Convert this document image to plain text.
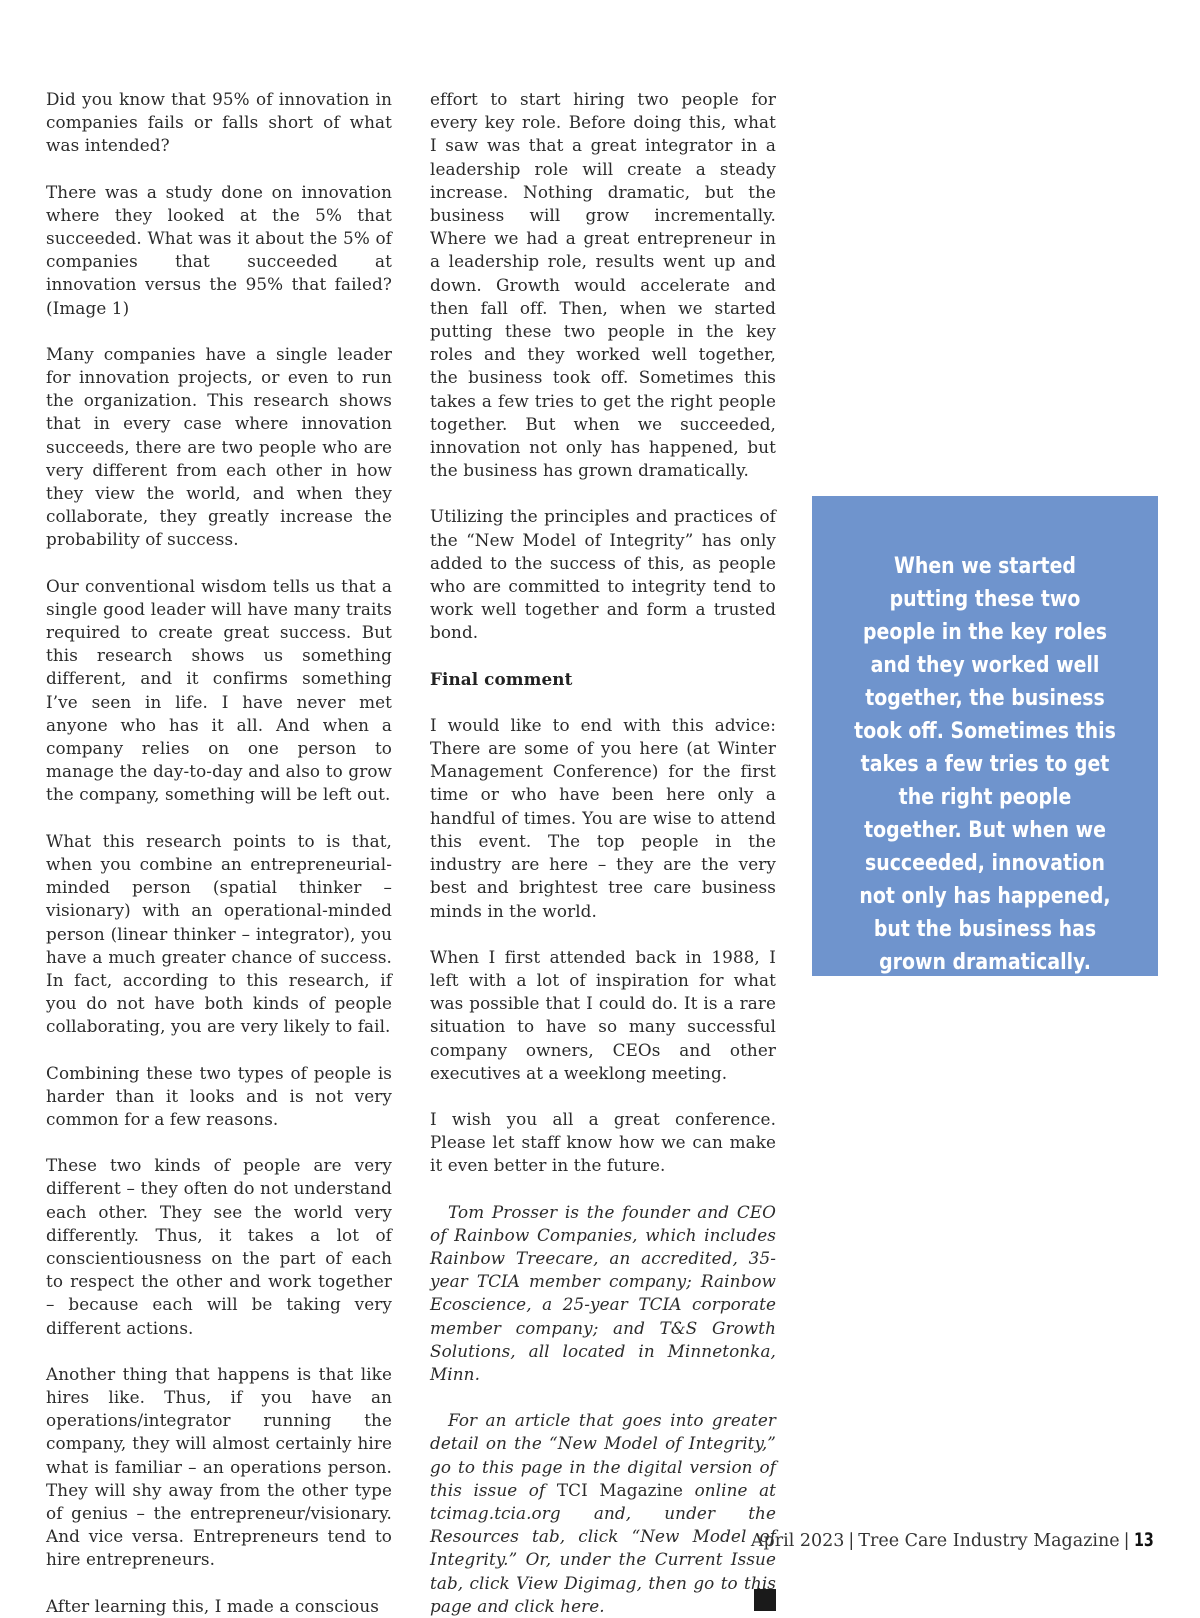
Did you know that 95% of innovation in companies fails or falls short of what was intended?

There was a study done on innovation where they looked at the 5% that succeeded. What was it about the 5% of companies that succeeded at innovation versus the 95% that failed? (Image 1)

Many companies have a single leader for innovation projects, or even to run the organization. This research shows that in every case where innovation succeeds, there are two people who are very different from each other in how they view the world, and when they collaborate, they greatly increase the probability of success.

Our conventional wisdom tells us that a single good leader will have many traits required to create great success. But this research shows us something different, and it confirms something I’ve seen in life. I have never met anyone who has it all. And when a company relies on one person to manage the day-to-day and also to grow the company, something will be left out.

What this research points to is that, when you combine an entrepreneurial-minded person (spatial thinker – visionary) with an operational-minded person (linear thinker – integrator), you have a much greater chance of success. In fact, according to this research, if you do not have both kinds of people collaborating, you are very likely to fail.

Combining these two types of people is harder than it looks and is not very common for a few reasons.

These two kinds of people are very different – they often do not understand each other. They see the world very differently. Thus, it takes a lot of conscientiousness on the part of each to respect the other and work together – because each will be taking very different actions.

Another thing that happens is that like hires like. Thus, if you have an operations/integrator running the company, they will almost certainly hire what is familiar – an operations person. They will shy away from the other type of genius – the entrepreneur/visionary. And vice versa. Entrepreneurs tend to hire entrepreneurs.

After learning this, I made a conscious

effort to start hiring two people for every key role. Before doing this, what I saw was that a great integrator in a leadership role will create a steady increase. Nothing dramatic, but the business will grow incrementally. Where we had a great entrepreneur in a leadership role, results went up and down. Growth would accelerate and then fall off. Then, when we started putting these two people in the key roles and they worked well together, the business took off. Sometimes this takes a few tries to get the right people together. But when we succeeded, innovation not only has happened, but the business has grown dramatically.

Utilizing the principles and practices of the “New Model of Integrity” has only added to the success of this, as people who are committed to integrity tend to work well together and form a trusted bond.

Final comment

I would like to end with this advice: There are some of you here (at Winter Management Conference) for the first time or who have been here only a handful of times. You are wise to attend this event. The top people in the industry are here – they are the very best and brightest tree care business minds in the world.

When I first attended back in 1988, I left with a lot of inspiration for what was possible that I could do. It is a rare situation to have so many successful company owners, CEOs and other executives at a weeklong meeting.

I wish you all a great conference. Please let staff know how we can make it even better in the future.

Tom Prosser is the founder and CEO of Rainbow Companies, which includes Rainbow Treecare, an accredited, 35-year TCIA member company; Rainbow Ecoscience, a 25-year TCIA corporate member company; and T&S Growth Solutions, all located in Minnetonka, Minn.

For an article that goes into greater detail on the “New Model of Integrity,” go to this page in the digital version of this issue of TCI Magazine online at tcimag.tcia.org and, under the Resources tab, click “New Model of Integrity.” Or, under the Current Issue tab, click View Digimag, then go to this page and click here.

When we started putting these two people in the key roles and they worked well together, the business took off. Sometimes this takes a few tries to get the right people together. But when we succeeded, innovation not only has happened, but the business has grown dramatically.

April 2023 | Tree Care Industry Magazine | 13
